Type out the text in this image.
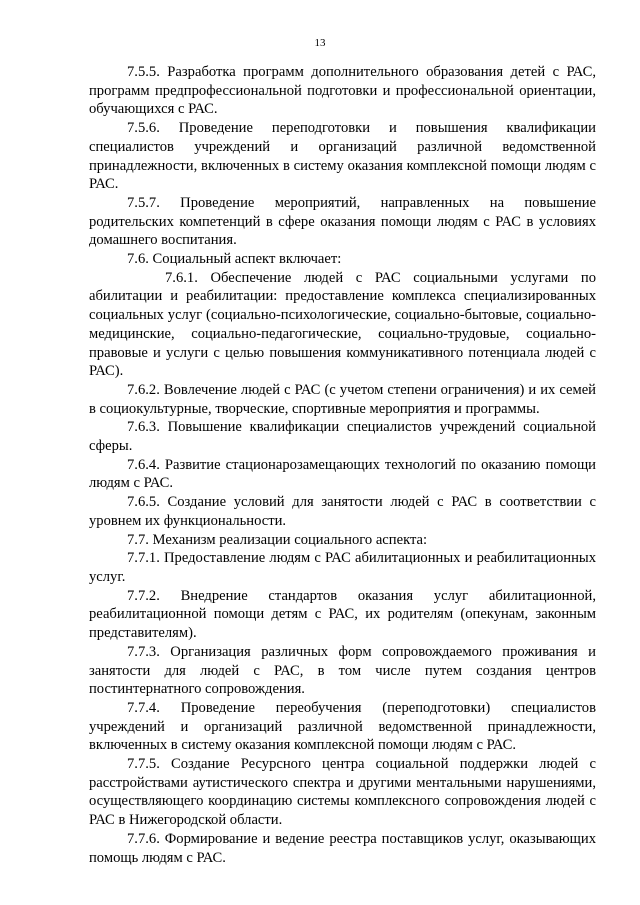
13

7.5.5. Разработка программ дополнительного образования детей с РАС, программ предпрофессиональной подготовки и профессиональной ориентации, обучающихся с РАС.

7.5.6. Проведение переподготовки и повышения квалификации специалистов учреждений и организаций различной ведомственной принадлежности, включенных в систему оказания комплексной помощи людям с РАС.

7.5.7. Проведение мероприятий, направленных на повышение родительских компетенций в сфере оказания помощи людям с РАС в условиях домашнего воспитания.

7.6. Социальный аспект включает:

7.6.1. Обеспечение людей с РАС социальными услугами по абилитации и реабилитации: предоставление комплекса специализированных социальных услуг (социально-психологические, социально-бытовые, социально-медицинские, социально-педагогические, социально-трудовые, социально-правовые и услуги с целью повышения коммуникативного потенциала людей с РАС).

7.6.2. Вовлечение людей с РАС (с учетом степени ограничения) и их семей в социокультурные, творческие, спортивные мероприятия и программы.

7.6.3. Повышение квалификации специалистов учреждений социальной сферы.

7.6.4. Развитие стационарозамещающих технологий по оказанию помощи людям с РАС.

7.6.5. Создание условий для занятости людей с РАС в соответствии с уровнем их функциональности.

7.7. Механизм реализации социального аспекта:

7.7.1. Предоставление людям с РАС абилитационных и реабилитационных услуг.

7.7.2. Внедрение стандартов оказания услуг абилитационной, реабилитационной помощи детям с РАС, их родителям (опекунам, законным представителям).

7.7.3. Организация различных форм сопровождаемого проживания и занятости для людей с РАС, в том числе путем создания центров постинтернатного сопровождения.

7.7.4. Проведение переобучения (переподготовки) специалистов учреждений и организаций различной ведомственной принадлежности, включенных в систему оказания комплексной помощи людям с РАС.

7.7.5. Создание Ресурсного центра социальной поддержки людей с расстройствами аутистического спектра и другими ментальными нарушениями, осуществляющего координацию системы комплексного сопровождения людей с РАС в Нижегородской области.

7.7.6. Формирование и ведение реестра поставщиков услуг, оказывающих помощь людям с РАС.
